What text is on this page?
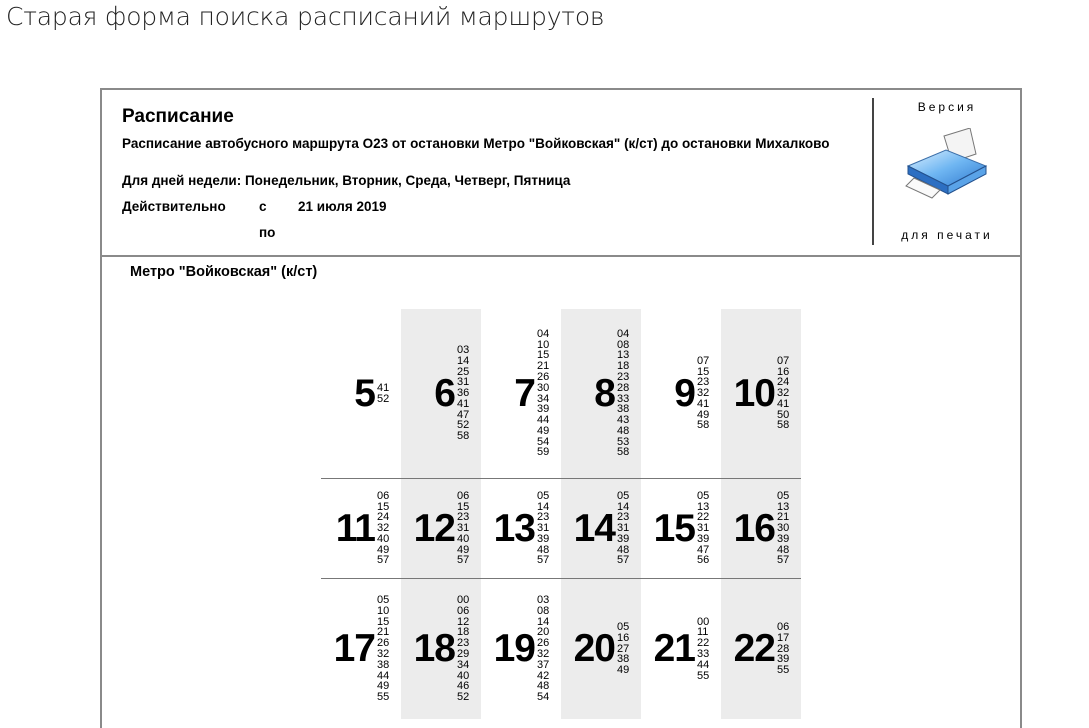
Старая форма поиска расписаний маршрутов
Расписание
Расписание автобусного маршрута О23 от остановки Метро "Войковская" (к/ст) до остановки Михалково
Для дней недели: Понедельник, Вторник, Среда, Четверг, Пятница
Действительно с 21 июля 2019
по
Версия
для печати
Метро "Войковская" (к/ст)
5 41
52	6
03
14
25
31
36
41
47
52
58
7
04
10
15
21
26
30
34
39
44
49
54
59
8
04
08
13
18
23
28
33
38
43
48
53
58
9
07
15
23
32
41
49
58
10
07
16
24
32
41
50
58
11
06
15
24
32
40
49
57
12
06
15
23
31
40
49
57
13
05
14
23
31
39
48
57
14
05
14
23
31
39
48
57
15
05
13
22
31
39
47
56
16
05
13
21
30
39
48
57
17
05
10
15
21
26
32
38
44
49
55
18
00
06
12
18
23
29
34
40
46
52
19
03
08
14
20
26
32
37
42
48
54
20 05
16
27
38
49
21
00
11
22
33
44
55
22 06
17
28
39
55
